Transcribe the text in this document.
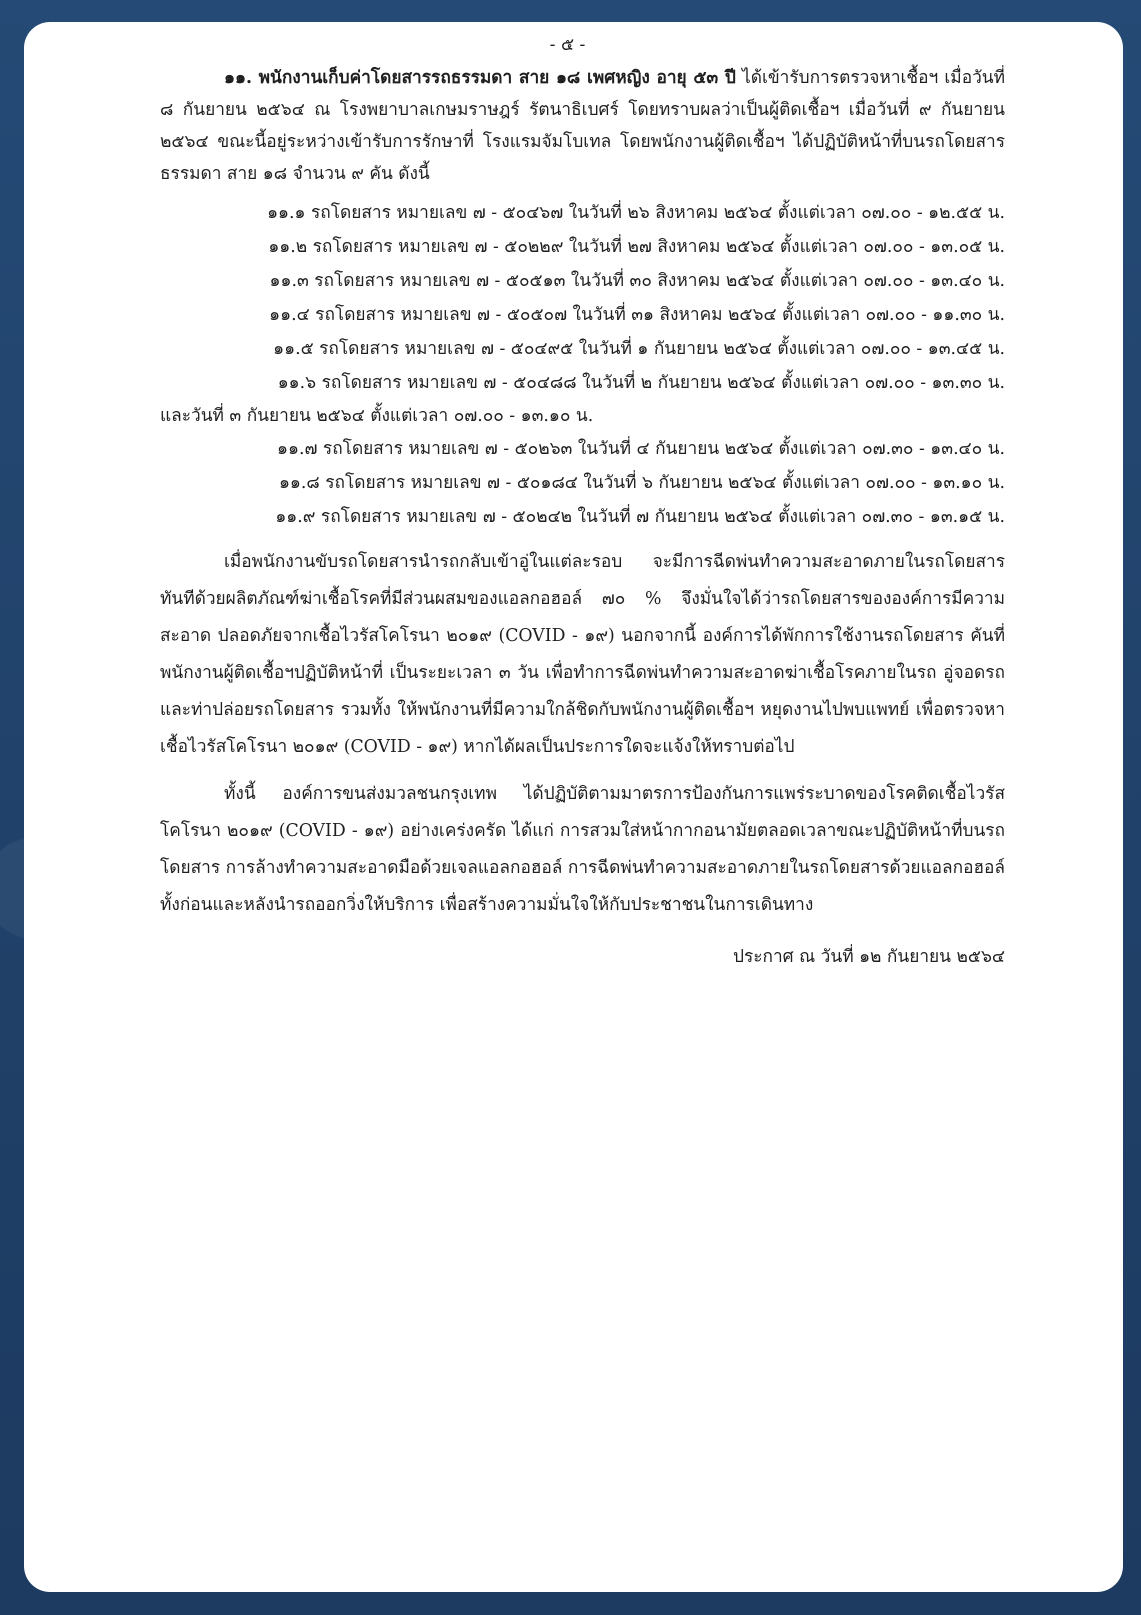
- ๕ -

๑๑. พนักงานเก็บค่าโดยสารรถธรรมดา สาย ๑๘ เพศหญิง อายุ ๕๓ ปี ได้เข้ารับการตรวจหาเชื้อฯ เมื่อวันที่ ๘ กันยายน ๒๕๖๔ ณ โรงพยาบาลเกษมราษฎร์ รัตนาธิเบศร์ โดยทราบผลว่าเป็นผู้ติดเชื้อฯ เมื่อวันที่ ๙ กันยายน ๒๕๖๔ ขณะนี้อยู่ระหว่างเข้ารับการรักษาที่ โรงแรมจัมโบเทล โดยพนักงานผู้ติดเชื้อฯ ได้ปฏิบัติหน้าที่บนรถโดยสารธรรมดา สาย ๑๘ จำนวน ๙ คัน ดังนี้

๑๑.๑ รถโดยสาร หมายเลข ๗ - ๕๐๔๖๗ ในวันที่ ๒๖ สิงหาคม ๒๕๖๔ ตั้งแต่เวลา ๐๗.๐๐ - ๑๒.๕๕ น.
๑๑.๒ รถโดยสาร หมายเลข ๗ - ๕๐๒๒๙ ในวันที่ ๒๗ สิงหาคม ๒๕๖๔ ตั้งแต่เวลา ๐๗.๐๐ - ๑๓.๐๕ น.
๑๑.๓ รถโดยสาร หมายเลข ๗ - ๕๐๕๑๓ ในวันที่ ๓๐ สิงหาคม ๒๕๖๔ ตั้งแต่เวลา ๐๗.๐๐ - ๑๓.๔๐ น.
๑๑.๔ รถโดยสาร หมายเลข ๗ - ๕๐๕๐๗ ในวันที่ ๓๑ สิงหาคม ๒๕๖๔ ตั้งแต่เวลา ๐๗.๐๐ - ๑๑.๓๐ น.
๑๑.๕ รถโดยสาร หมายเลข ๗ - ๕๐๔๙๕ ในวันที่ ๑ กันยายน ๒๕๖๔ ตั้งแต่เวลา ๐๗.๐๐ - ๑๓.๔๕ น.
๑๑.๖ รถโดยสาร หมายเลข ๗ - ๕๐๔๘๘ ในวันที่ ๒ กันยายน ๒๕๖๔ ตั้งแต่เวลา ๐๗.๐๐ - ๑๓.๓๐ น.

และวันที่ ๓ กันยายน ๒๕๖๔ ตั้งแต่เวลา ๐๗.๐๐ - ๑๓.๑๐ น.

๑๑.๗ รถโดยสาร หมายเลข ๗ - ๕๐๒๖๓ ในวันที่ ๔ กันยายน ๒๕๖๔ ตั้งแต่เวลา ๐๗.๓๐ - ๑๓.๔๐ น.
๑๑.๘ รถโดยสาร หมายเลข ๗ - ๕๐๑๘๔ ในวันที่ ๖ กันยายน ๒๕๖๔ ตั้งแต่เวลา ๐๗.๐๐ - ๑๓.๑๐ น.
๑๑.๙ รถโดยสาร หมายเลข ๗ - ๕๐๒๔๒ ในวันที่ ๗ กันยายน ๒๕๖๔ ตั้งแต่เวลา ๐๗.๓๐ - ๑๓.๑๕ น.

เมื่อพนักงานขับรถโดยสารนำรถกลับเข้าอู่ในแต่ละรอบ จะมีการฉีดพ่นทำความสะอาดภายในรถโดยสารทันทีด้วยผลิตภัณฑ์ฆ่าเชื้อโรคที่มีส่วนผสมของแอลกอฮอล์ ๗๐ % จึงมั่นใจได้ว่ารถโดยสารขององค์การมีความสะอาด ปลอดภัยจากเชื้อไวรัสโคโรนา ๒๐๑๙ (COVID - ๑๙) นอกจากนี้ องค์การได้พักการใช้งานรถโดยสาร คันที่พนักงานผู้ติดเชื้อฯปฏิบัติหน้าที่ เป็นระยะเวลา ๓ วัน เพื่อทำการฉีดพ่นทำความสะอาดฆ่าเชื้อโรคภายในรถ อู่จอดรถ และท่าปล่อยรถโดยสาร รวมทั้ง ให้พนักงานที่มีความใกล้ชิดกับพนักงานผู้ติดเชื้อฯ หยุดงานไปพบแพทย์ เพื่อตรวจหาเชื้อไวรัสโคโรนา ๒๐๑๙ (COVID - ๑๙) หากได้ผลเป็นประการใดจะแจ้งให้ทราบต่อไป

ทั้งนี้ องค์การขนส่งมวลชนกรุงเทพ ได้ปฏิบัติตามมาตรการป้องกันการแพร่ระบาดของโรคติดเชื้อไวรัสโคโรนา ๒๐๑๙ (COVID - ๑๙) อย่างเคร่งครัด ได้แก่ การสวมใส่หน้ากากอนามัยตลอดเวลาขณะปฏิบัติหน้าที่บนรถโดยสาร การล้างทำความสะอาดมือด้วยเจลแอลกอฮอล์ การฉีดพ่นทำความสะอาดภายในรถโดยสารด้วยแอลกอฮอล์ ทั้งก่อนและหลังนำรถออกวิ่งให้บริการ เพื่อสร้างความมั่นใจให้กับประชาชนในการเดินทาง

ประกาศ ณ วันที่ ๑๒ กันยายน ๒๕๖๔
